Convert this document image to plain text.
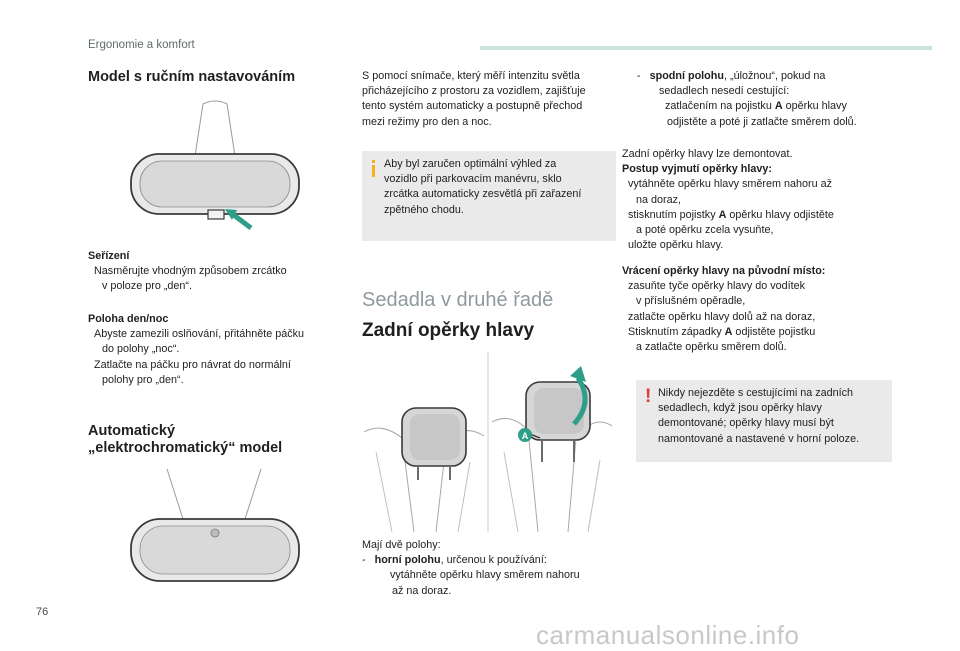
Ergonomie a komfort
Model s ručním nastavováním
Seřízení
Nasměrujte vhodným způsobem zrcátko
v poloze pro „den“.
Poloha den/noc
Abyste zamezili oslňování, přitáhněte páčku
do polohy „noc“.
Zatlačte na páčku pro návrat do normální
polohy pro „den“.
Automatický
„elektrochromatický“ model
S pomocí snímače, který měří intenzitu světla
přicházejícího z prostoru za vozidlem, zajišťuje
tento systém automaticky a postupně přechod
mezi režimy pro den a noc.
Aby byl zaručen optimální výhled za
vozidlo při parkovacím manévru, sklo
zrcátka automaticky zesvětlá při zařazení
zpětného chodu.
Sedadla v druhé řadě
Zadní opěrky hlavy
A
Mají dvě polohy:
- horní polohu, určenou k používání:
vytáhněte opěrku hlavy směrem nahoru
až na doraz.
- spodní polohu, „úložnou“, pokud na
sedadlech nesedí cestující:
zatlačením na pojistku A opěrku hlavy
odjistěte a poté ji zatlačte směrem dolů.
Zadní opěrky hlavy lze demontovat.
Postup vyjmutí opěrky hlavy:
vytáhněte opěrku hlavy směrem nahoru až
na doraz,
stisknutím pojistky A opěrku hlavy odjistěte
a poté opěrku zcela vysuňte,
uložte opěrku hlavy.
Vrácení opěrky hlavy na původní místo:
zasuňte tyče opěrky hlavy do vodítek
v příslušném opěradle,
zatlačte opěrku hlavy dolů až na doraz,
Stisknutím západky A odjistěte pojistku
a zatlačte opěrku směrem dolů.
! Nikdy nejezděte s cestujícími na zadních
sedadlech, když jsou opěrky hlavy
demontované; opěrky hlavy musí být
namontované a nastavené v horní poloze.
76
carmanualsonline.info
